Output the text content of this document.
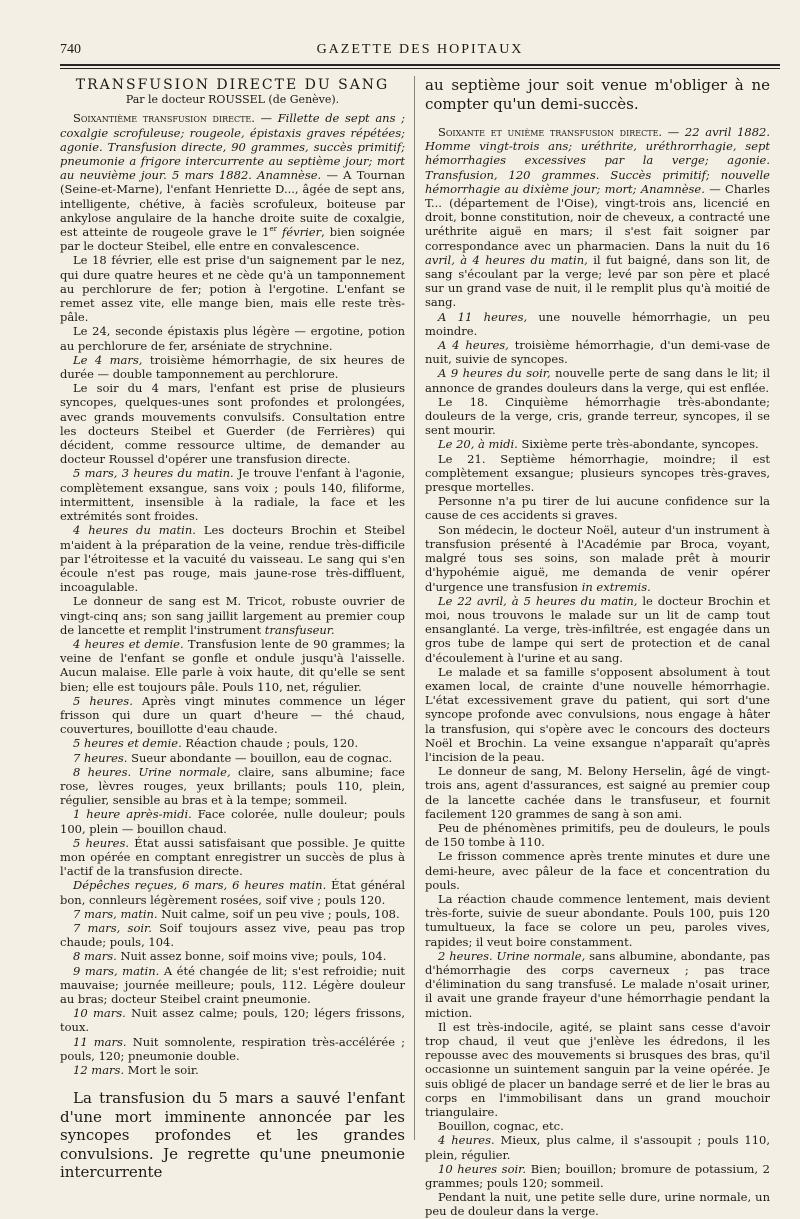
740	GAZETTE DES HOPITAUX
TRANSFUSION DIRECTE DU SANG
Par le docteur ROUSSEL (de Genève).

Soixantième transfusion directe. — Fillette de sept ans ; coxalgie scrofuleuse; rougeole, épistaxis graves répétées; agonie. Transfusion directe, 90 grammes, succès primitif; pneumonie a frigore intercurrente au septième jour; mort au neuvième jour. 5 mars 1882. Anamnèse. — A Tournan (Seine-et-Marne), l'enfant Henriette D..., âgée de sept ans, intelligente, chétive, à faciès scrofuleux, boiteuse par ankylose angulaire de la hanche droite suite de coxalgie, est atteinte de rougeole grave le 1er février, bien soignée par le docteur Steibel, elle entre en convalescence.

Le 18 février, elle est prise d'un saignement par le nez, qui dure quatre heures et ne cède qu'à un tamponnement au perchlorure de fer; potion à l'ergotine. L'enfant se remet assez vite, elle mange bien, mais elle reste très-pâle.

Le 24, seconde épistaxis plus légère — ergotine, potion au perchlorure de fer, arséniate de strychnine.

Le 4 mars, troisième hémorrhagie, de six heures de durée — double tamponnement au perchlorure.

Le soir du 4 mars, l'enfant est prise de plusieurs syncopes, quelques-unes sont profondes et prolongées, avec grands mouvements convulsifs. Consultation entre les docteurs Steibel et Guerder (de Ferrières) qui décident, comme ressource ultime, de demander au docteur Roussel d'opérer une transfusion directe.

5 mars, 3 heures du matin. Je trouve l'enfant à l'agonie, complètement exsangue, sans voix ; pouls 140, filiforme, intermittent, insensible à la radiale, la face et les extrémités sont froides.

4 heures du matin. Les docteurs Brochin et Steibel m'aident à la préparation de la veine, rendue très-difficile par l'étroitesse et la vacuité du vaisseau. Le sang qui s'en écoule n'est pas rouge, mais jaune-rose très-diffluent, incoagulable.

Le donneur de sang est M. Tricot, robuste ouvrier de vingt-cinq ans; son sang jaillit largement au premier coup de lancette et remplit l'instrument transfuseur.

4 heures et demie. Transfusion lente de 90 grammes; la veine de l'enfant se gonfle et ondule jusqu'à l'aisselle. Aucun malaise. Elle parle à voix haute, dit qu'elle se sent bien; elle est toujours pâle. Pouls 110, net, régulier.

5 heures. Après vingt minutes commence un léger frisson qui dure un quart d'heure — thé chaud, couvertures, bouillotte d'eau chaude.

5 heures et demie. Réaction chaude ; pouls, 120.

7 heures. Sueur abondante — bouillon, eau de cognac.

8 heures. Urine normale, claire, sans albumine; face rose, lèvres rouges, yeux brillants; pouls 110, plein, régulier, sensible au bras et à la tempe; sommeil.

1 heure après-midi. Face colorée, nulle douleur; pouls 100, plein — bouillon chaud.

5 heures. État aussi satisfaisant que possible. Je quitte mon opérée en comptant enregistrer un succès de plus à l'actif de la transfusion directe.

Dépêches reçues, 6 mars, 6 heures matin. État général bon, connleurs légèrement rosées, soif vive ; pouls 120.

7 mars, matin. Nuit calme, soif un peu vive ; pouls, 108.

7 mars, soir. Soif toujours assez vive, peau pas trop chaude; pouls, 104.

8 mars. Nuit assez bonne, soif moins vive; pouls, 104.

9 mars, matin. A été changée de lit; s'est refroidie; nuit mauvaise; journée meilleure; pouls, 112. Légère douleur au bras; docteur Steibel craint pneumonie.

10 mars. Nuit assez calme; pouls, 120; légers frissons, toux.

11 mars. Nuit somnolente, respiration très-accélérée ; pouls, 120; pneumonie double.

12 mars. Mort le soir.

La transfusion du 5 mars a sauvé l'enfant d'une mort imminente annoncée par les syncopes profondes et les grandes convulsions. Je regrette qu'une pneumonie intercurrente

au septième jour soit venue m'obliger à ne compter qu'un demi-succès.

Soixante et unième transfusion directe. — 22 avril 1882. Homme vingt-trois ans; uréthrite, uréthrorrhagie, sept hémorrhagies excessives par la verge; agonie. Transfusion, 120 grammes. Succès primitif; nouvelle hémorrhagie au dixième jour; mort; Anamnèse. — Charles T... (département de l'Oise), vingt-trois ans, licencié en droit, bonne constitution, noir de cheveux, a contracté une uréthrite aiguë en mars; il s'est fait soigner par correspondance avec un pharmacien. Dans la nuit du 16 avril, à 4 heures du matin, il fut baigné, dans son lit, de sang s'écoulant par la verge; levé par son père et placé sur un grand vase de nuit, il le remplit plus qu'à moitié de sang.

A 11 heures, une nouvelle hémorrhagie, un peu moindre.

A 4 heures, troisième hémorrhagie, d'un demi-vase de nuit, suivie de syncopes.

A 9 heures du soir, nouvelle perte de sang dans le lit; il annonce de grandes douleurs dans la verge, qui est enflée.

Le 18. Cinquième hémorrhagie très-abondante; douleurs de la verge, cris, grande terreur, syncopes, il se sent mourir.

Le 20, à midi. Sixième perte très-abondante, syncopes.

Le 21. Septième hémorrhagie, moindre; il est complètement exsangue; plusieurs syncopes très-graves, presque mortelles.

Personne n'a pu tirer de lui aucune confidence sur la cause de ces accidents si graves.

Son médecin, le docteur Noël, auteur d'un instrument à transfusion présenté à l'Académie par Broca, voyant, malgré tous ses soins, son malade prêt à mourir d'hypohémie aiguë, me demanda de venir opérer d'urgence une transfusion in extremis.

Le 22 avril, à 5 heures du matin, le docteur Brochin et moi, nous trouvons le malade sur un lit de camp tout ensanglanté. La verge, très-infiltrée, est engagée dans un gros tube de lampe qui sert de protection et de canal d'écoulement à l'urine et au sang.

Le malade et sa famille s'opposent absolument à tout examen local, de crainte d'une nouvelle hémorrhagie. L'état excessivement grave du patient, qui sort d'une syncope profonde avec convulsions, nous engage à hâter la transfusion, qui s'opère avec le concours des docteurs Noël et Brochin. La veine exsangue n'apparaît qu'après l'incision de la peau.

Le donneur de sang, M. Belony Herselin, âgé de vingt-trois ans, agent d'assurances, est saigné au premier coup de la lancette cachée dans le transfuseur, et fournit facilement 120 grammes de sang à son ami.

Peu de phénomènes primitifs, peu de douleurs, le pouls de 150 tombe à 110.

Le frisson commence après trente minutes et dure une demi-heure, avec pâleur de la face et concentration du pouls.

La réaction chaude commence lentement, mais devient très-forte, suivie de sueur abondante. Pouls 100, puis 120 tumultueux, la face se colore un peu, paroles vives, rapides; il veut boire constamment.

2 heures. Urine normale, sans albumine, abondante, pas d'hémorrhagie des corps caverneux ; pas trace d'élimination du sang transfusé. Le malade n'osait uriner, il avait une grande frayeur d'une hémorrhagie pendant la miction.

Il est très-indocile, agité, se plaint sans cesse d'avoir trop chaud, il veut que j'enlève les édredons, il les repousse avec des mouvements si brusques des bras, qu'il occasionne un suintement sanguin par la veine opérée. Je suis obligé de placer un bandage serré et de lier le bras au corps en l'immobilisant dans un grand mouchoir triangulaire.

Bouillon, cognac, etc.

4 heures. Mieux, plus calme, il s'assoupit ; pouls 110, plein, régulier.

10 heures soir. Bien; bouillon; bromure de potassium, 2 grammes; pouls 120; sommeil.

Pendant la nuit, une petite selle dure, urine normale, un peu de douleur dans la verge.
